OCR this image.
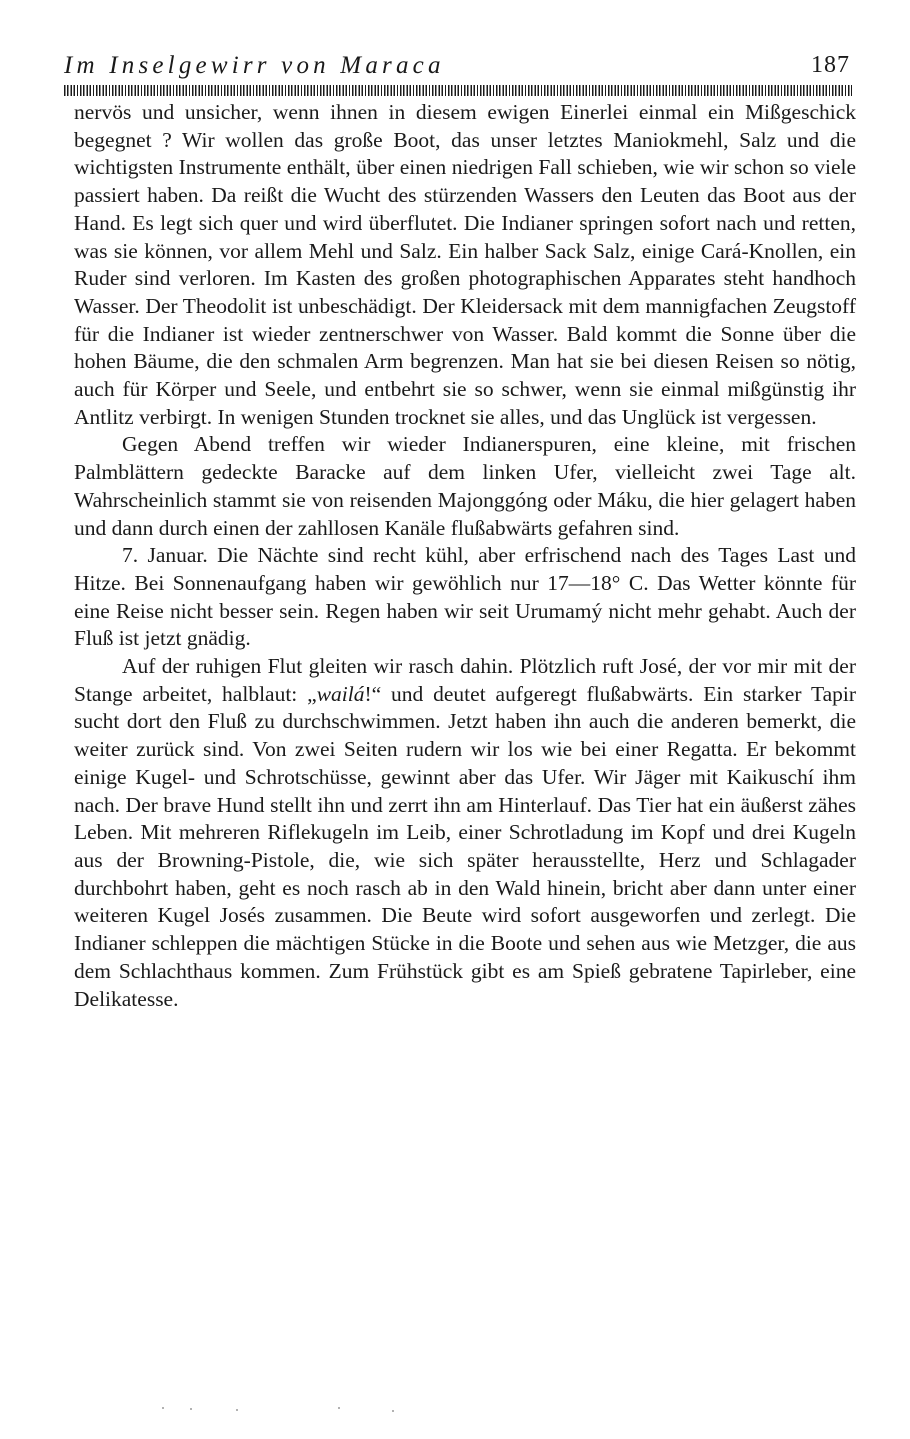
Im Inselgewirr von Maraca	187

nervös und unsicher, wenn ihnen in diesem ewigen Einerlei einmal ein Mißgeschick begegnet ? Wir wollen das große Boot, das unser letztes Maniokmehl, Salz und die wichtigsten Instrumente enthält, über einen niedrigen Fall schieben, wie wir schon so viele passiert haben. Da reißt die Wucht des stürzenden Wassers den Leuten das Boot aus der Hand. Es legt sich quer und wird überflutet. Die Indianer springen sofort nach und retten, was sie können, vor allem Mehl und Salz. Ein halber Sack Salz, einige Cará-Knollen, ein Ruder sind verloren. Im Kasten des großen photographischen Apparates steht handhoch Wasser. Der Theodolit ist unbeschädigt. Der Kleidersack mit dem mannigfachen Zeugstoff für die Indianer ist wieder zentnerschwer von Wasser. Bald kommt die Sonne über die hohen Bäume, die den schmalen Arm begrenzen. Man hat sie bei diesen Reisen so nötig, auch für Körper und Seele, und entbehrt sie so schwer, wenn sie einmal mißgünstig ihr Antlitz verbirgt. In wenigen Stunden trocknet sie alles, und das Unglück ist vergessen.

Gegen Abend treffen wir wieder Indianerspuren, eine kleine, mit frischen Palmblättern gedeckte Baracke auf dem linken Ufer, vielleicht zwei Tage alt. Wahrscheinlich stammt sie von reisenden Majonggóng oder Máku, die hier gelagert haben und dann durch einen der zahllosen Kanäle flußabwärts gefahren sind.

7. Januar. Die Nächte sind recht kühl, aber erfrischend nach des Tages Last und Hitze. Bei Sonnenaufgang haben wir gewöhlich nur 17—18° C. Das Wetter könnte für eine Reise nicht besser sein. Regen haben wir seit Urumamý nicht mehr gehabt. Auch der Fluß ist jetzt gnädig.

Auf der ruhigen Flut gleiten wir rasch dahin. Plötzlich ruft José, der vor mir mit der Stange arbeitet, halblaut: „wailá!“ und deutet aufgeregt flußabwärts. Ein starker Tapir sucht dort den Fluß zu durchschwimmen. Jetzt haben ihn auch die anderen bemerkt, die weiter zurück sind. Von zwei Seiten rudern wir los wie bei einer Regatta. Er bekommt einige Kugel- und Schrotschüsse, gewinnt aber das Ufer. Wir Jäger mit Kaikuschí ihm nach. Der brave Hund stellt ihn und zerrt ihn am Hinterlauf. Das Tier hat ein äußerst zähes Leben. Mit mehreren Riflekugeln im Leib, einer Schrotladung im Kopf und drei Kugeln aus der Browning-Pistole, die, wie sich später herausstellte, Herz und Schlagader durchbohrt haben, geht es noch rasch ab in den Wald hinein, bricht aber dann unter einer weiteren Kugel Josés zusammen. Die Beute wird sofort ausgeworfen und zerlegt. Die Indianer schleppen die mächtigen Stücke in die Boote und sehen aus wie Metzger, die aus dem Schlachthaus kommen. Zum Frühstück gibt es am Spieß gebratene Tapirleber, eine Delikatesse.
